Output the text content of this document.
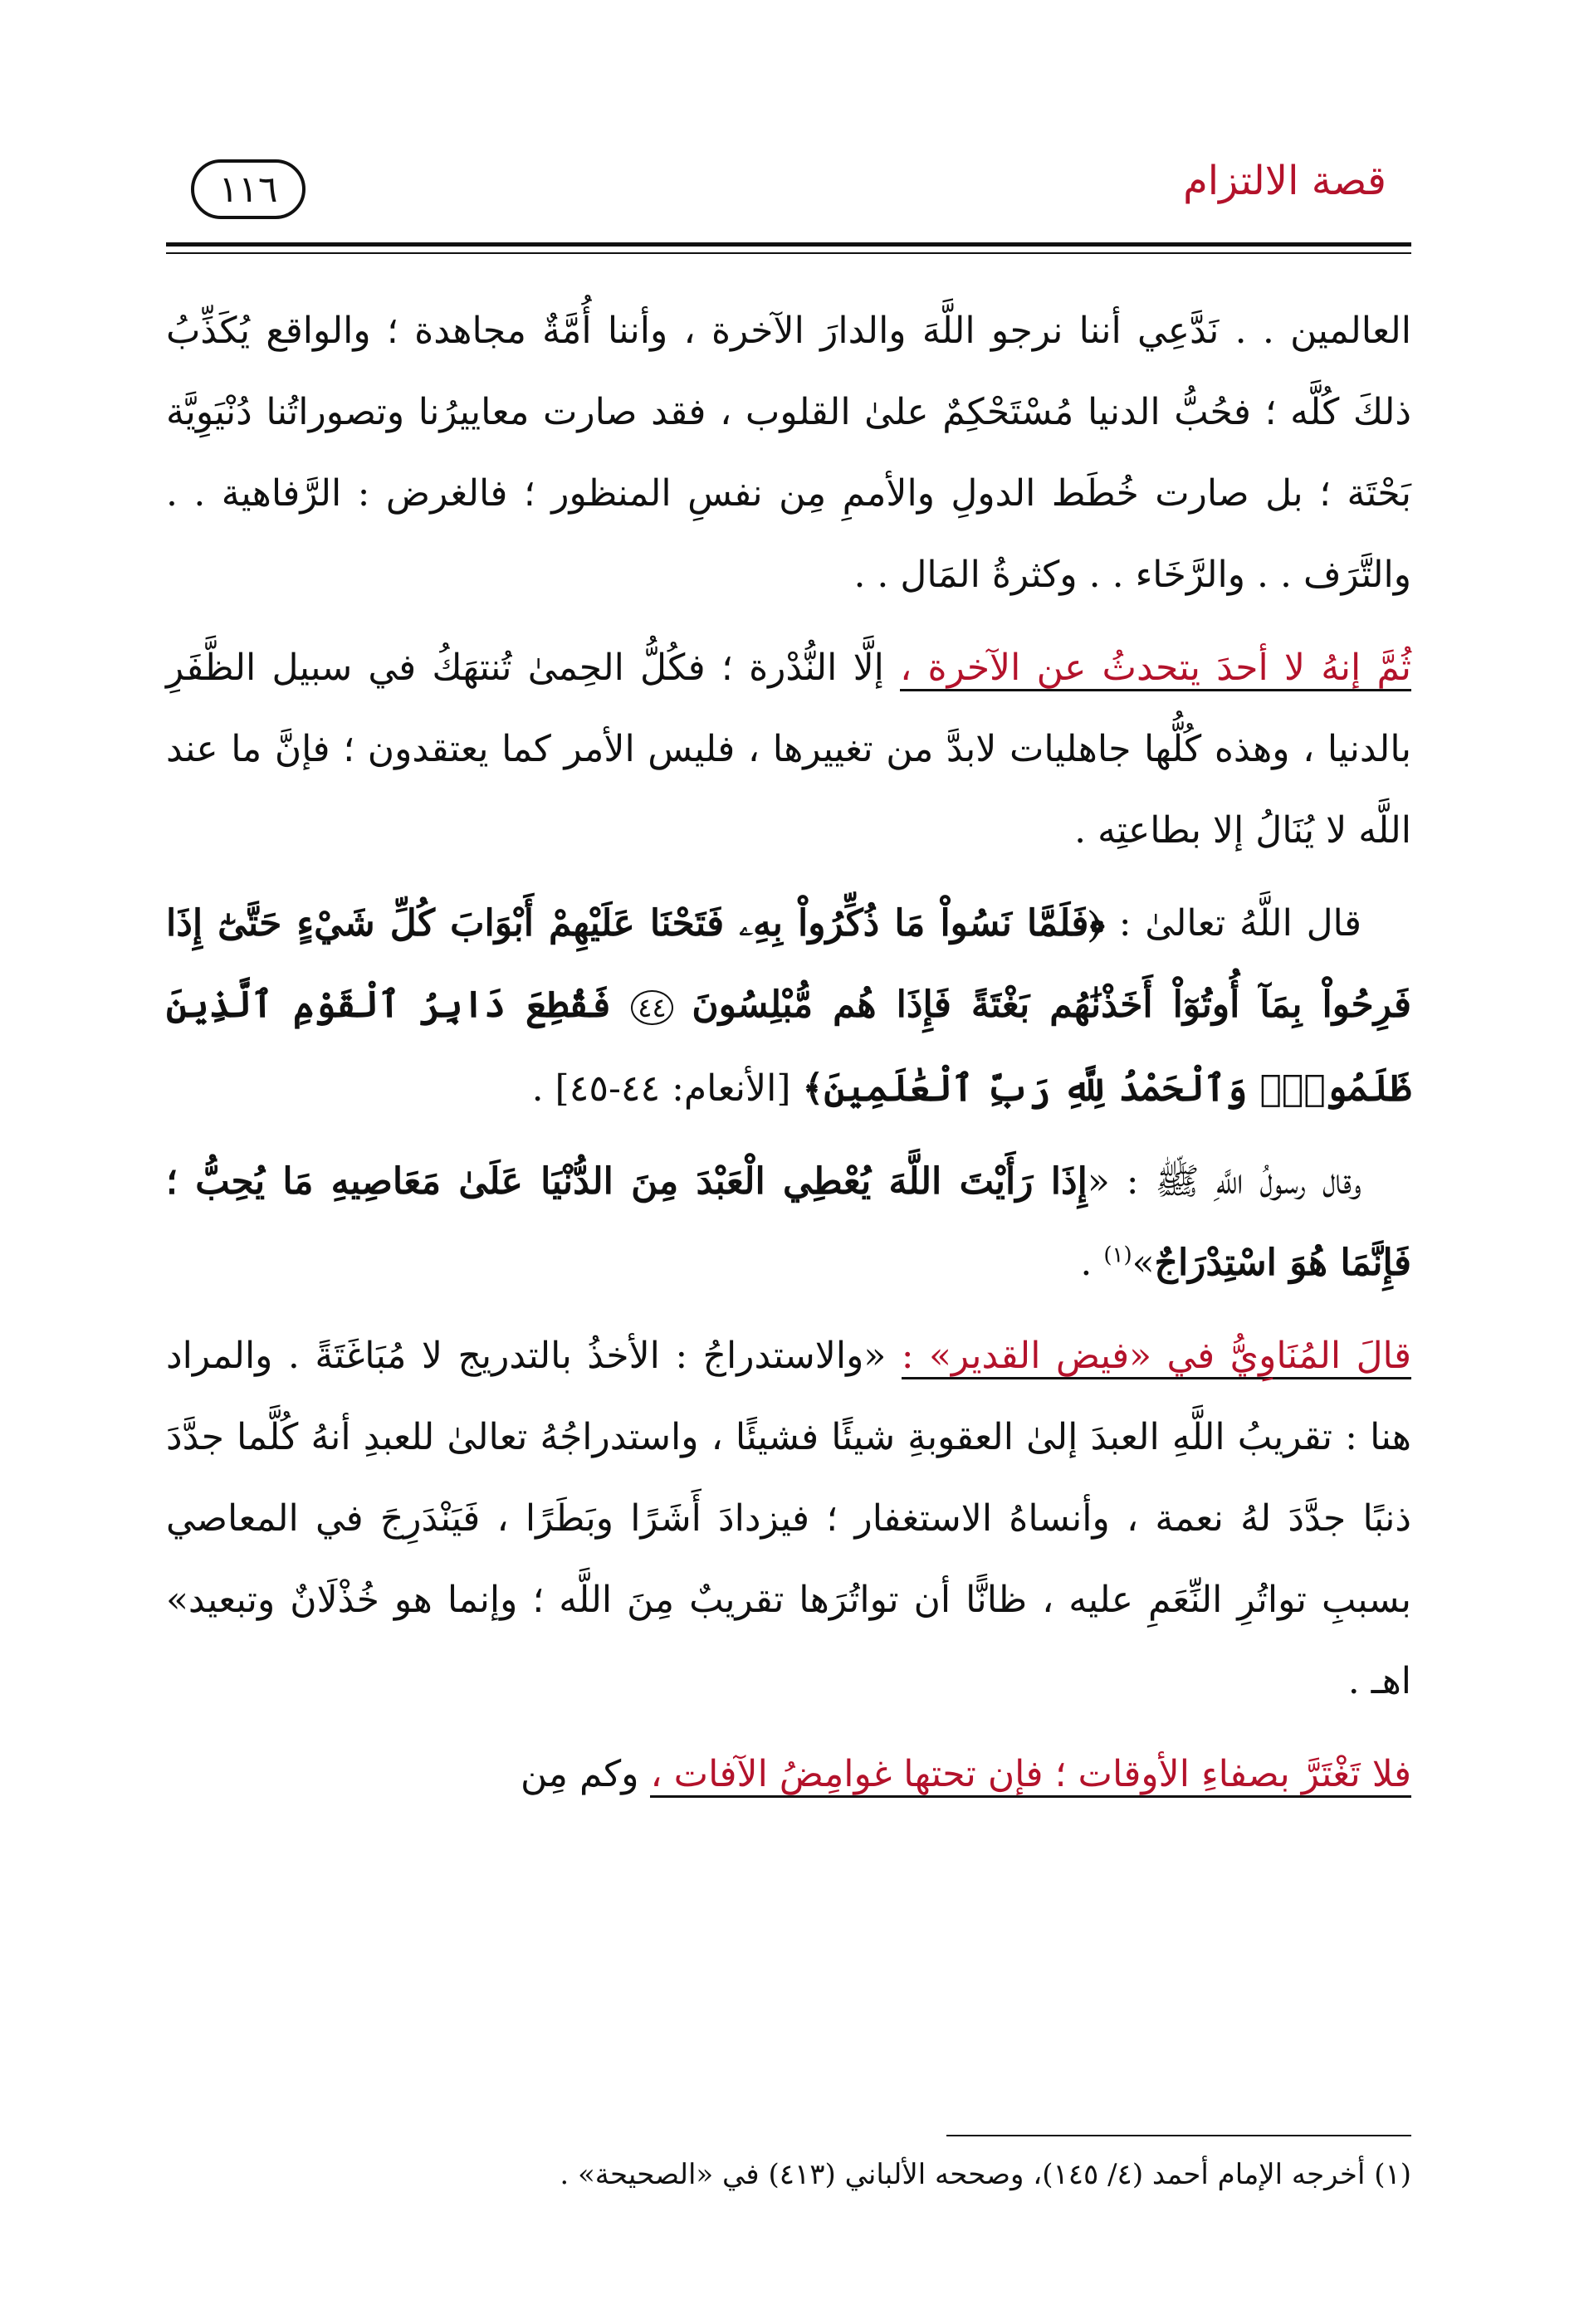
قصة الالتزام
١١٦

العالمين . . نَدَّعِي أننا نرجو اللَّهَ والدارَ الآخرة ، وأننا أُمَّةٌ مجاهدة ؛ والواقع يُكَذِّبُ ذلكَ كُلَّه ؛ فحُبُّ الدنيا مُسْتَحْكِمٌ علىٰ القلوب ، فقد صارت معاييرُنا وتصوراتُنا دُنْيَوِيَّة بَحْتَة ؛ بل صارت خُطَط الدولِ والأممِ مِن نفسِ المنظور ؛ فالغرض : الرَّفاهية . . والتَّرَف . . والرَّخَاء . . وكثرةُ المَال . .

ثُمَّ إنهُ لا أحدَ يتحدثُ عن الآخرة ، إلَّا النُّدْرة ؛ فكُلُّ الحِمىٰ تُنتهَكُ في سبيل الظَّفَرِ بالدنيا ، وهذه كُلُّها جاهليات لابدَّ من تغييرها ، فليس الأمر كما يعتقدون ؛ فإنَّ ما عند اللَّه لا يُنَالُ إلا بطاعتِه .

قال اللَّهُ تعالىٰ : ﴿فَلَمَّا نَسُواْ مَا ذُكِّرُواْ بِهِۦ فَتَحْنَا عَلَيْهِمْ أَبْوَابَ كُلِّ شَيْءٍ حَتَّىٰٓ إِذَا فَرِحُواْ بِمَآ أُوتُوٓاْ أَخَذْنَٰهُم بَغْتَةً فَإِذَا هُم مُّبْلِسُونَ ٤٤ فَقُطِعَ دَابِرُ ٱلْقَوْمِ ٱلَّذِينَ ظَلَمُواْۚ وَٱلْحَمْدُ لِلَّهِ رَبِّ ٱلْعَٰلَمِينَ﴾ [الأنعام: ٤٤-٤٥] .

وقال رسولُ اللَّهِ ﷺ : «إِذَا رَأَيْتَ اللَّهَ يُعْطِي الْعَبْدَ مِنَ الدُّنْيَا عَلَىٰ مَعَاصِيهِ مَا يُحِبُّ ؛ فَإِنَّمَا هُوَ اسْتِدْرَاجٌ»$^{(١)}$ .

قالَ المُنَاوِيُّ في «فيض القدير» : «والاستدراجُ : الأخذُ بالتدريج لا مُبَاغَتَةً . والمراد هنا : تقريبُ اللَّهِ العبدَ إلىٰ العقوبةِ شيئًا فشيئًا ، واستدراجُهُ تعالىٰ للعبدِ أنهُ كُلَّما جدَّدَ ذنبًا جدَّدَ لهُ نعمة ، وأنساهُ الاستغفار ؛ فيزدادَ أَشَرًا وبَطَرًا ، فَيَنْدَرِجَ في المعاصي بسببِ تواتُرِ النِّعَمِ عليه ، ظانًّا أن تواتُرَها تقريبٌ مِنَ اللَّه ؛ وإنما هو خُذْلَانٌ وتبعيد» اهـ .

فلا تَغْتَرَّ بصفاءِ الأوقات ؛ فإن تحتها غوامِضُ الآفات ، وكم مِن

(١) أخرجه الإمام أحمد (٤/ ١٤٥)، وصححه الألباني (٤١٣) في «الصحيحة» .
